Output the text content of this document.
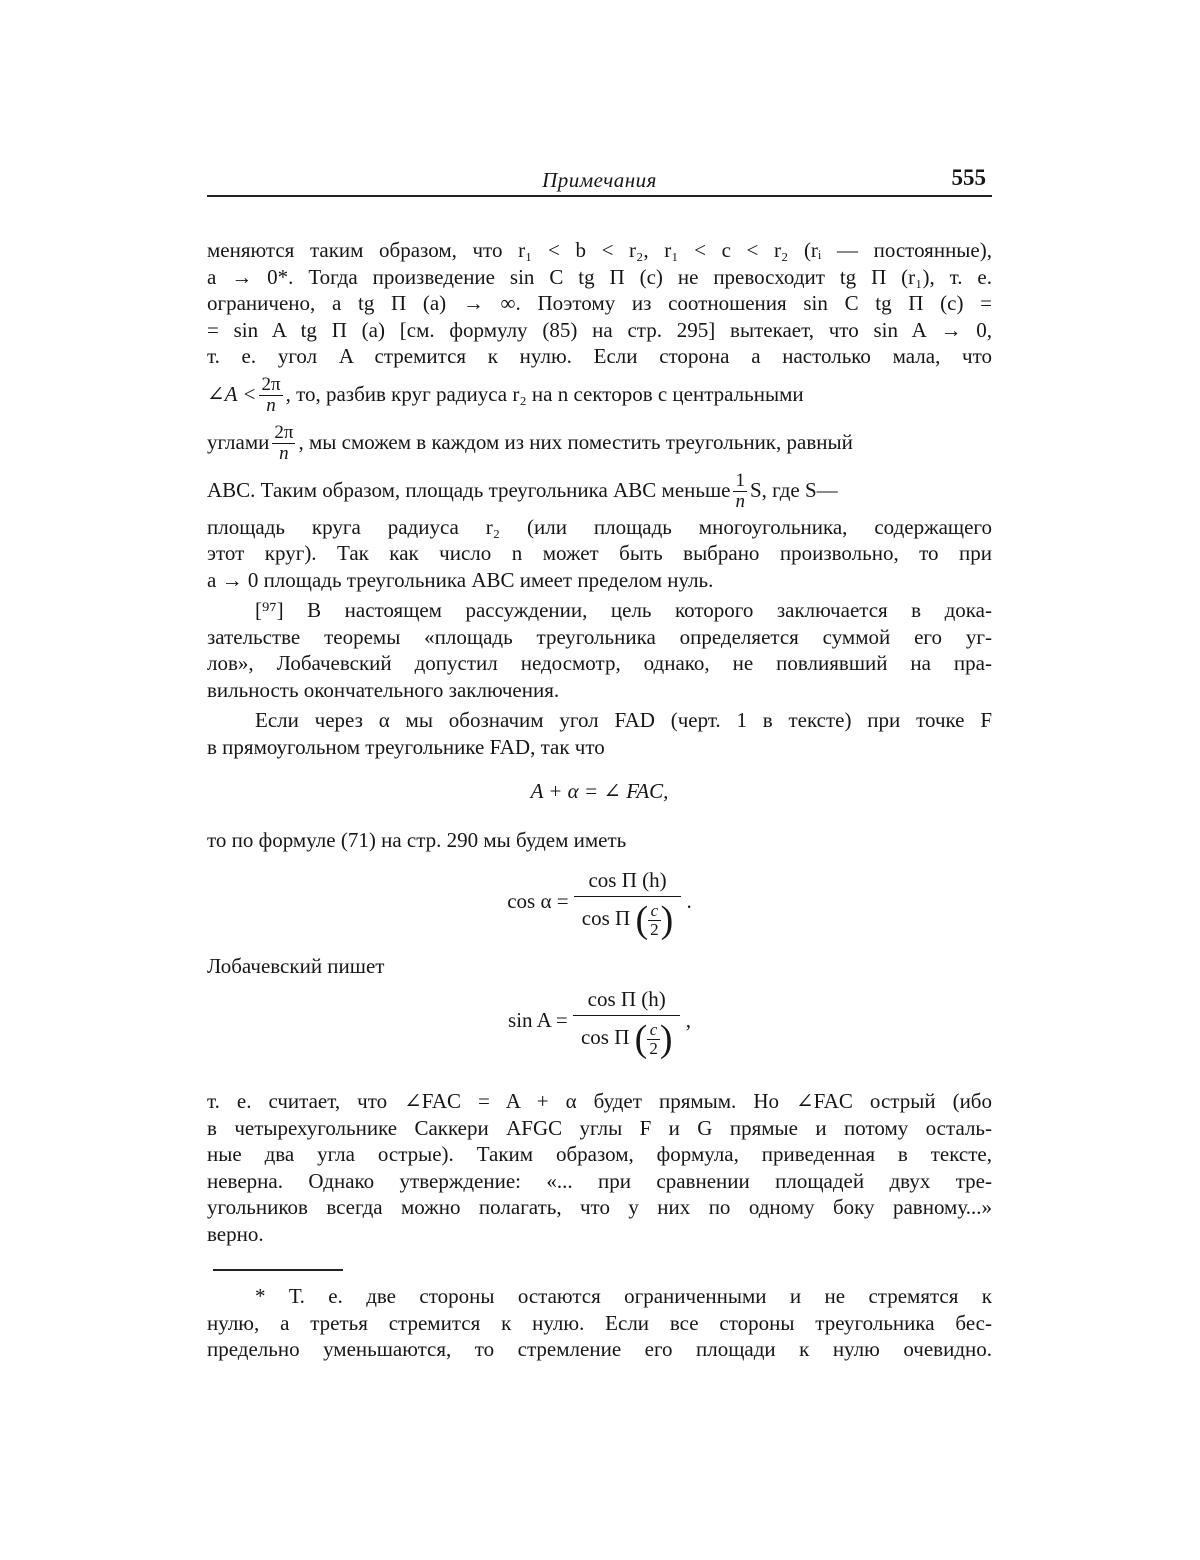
Примечания	555
меняются таким образом, что r₁ < b < r₂, r₁ < c < r₂ (rᵢ — постоянные),
a → 0*. Тогда произведение sin C tg Π (c) не превосходит tg Π (r₁), т. е.
ограничено, а tg Π (a) → ∞. Поэтому из соотношения sin C tg Π (c) =
= sin A tg Π (a) [см. формулу (85) на стр. 295] вытекает, что sin A → 0,
т. е. угол A стремится к нулю. Если сторона a настолько мала, что
∠A < $\frac{2\pi}{n}$ , то, разбив круг радиуса r₂ на n секторов с центральными
углами $\frac{2\pi}{n}$ , мы сможем в каждом из них поместить треугольник, равный
ABC. Таким образом, площадь треугольника ABC меньше $\frac{1}{n} S$, где S—
площадь круга радиуса r₂ (или площадь многоугольника, содержащего
этот круг). Так как число n может быть выбрано произвольно, то при
a → 0 площадь треугольника ABC имеет пределом нуль.
[⁹⁷] В настоящем рассуждении, цель которого заключается в дока-
зательстве теоремы «площадь треугольника определяется суммой его уг-
лов», Лобачевский допустил недосмотр, однако, не повлиявший на пра-
вильность окончательного заключения.
Если через α мы обозначим угол FAD (черт. 1 в тексте) при точке F
в прямоугольном треугольнике FAD, так что
A + α = ∠ FAC,
то по формуле (71) на стр. 290 мы будем иметь
$\cos \alpha = \frac{\text{cos Π (h)}}{\cos \Pi ( \frac{c}{2} )}$ .
Лобачевский пишет
$\sin A = \frac{\text{cos Π (h)}}{\cos \Pi ( \frac{c}{2} )}$ ,
т. е. считает, что ∠FAC = A + α будет прямым. Но ∠FAC острый (ибо
в четырехугольнике Саккери AFGC углы F и G прямые и потому осталь-
ные два угла острые). Таким образом, формула, приведенная в тексте,
неверна. Однако утверждение: «... при сравнении площадей двух тре-
угольников всегда можно полагать, что у них по одному боку равному...»
верно.
* Т. е. две стороны остаются ограниченными и не стремятся к
нулю, а третья стремится к нулю. Если все стороны треугольника бес-
предельно уменьшаются, то стремление его площади к нулю очевидно.
